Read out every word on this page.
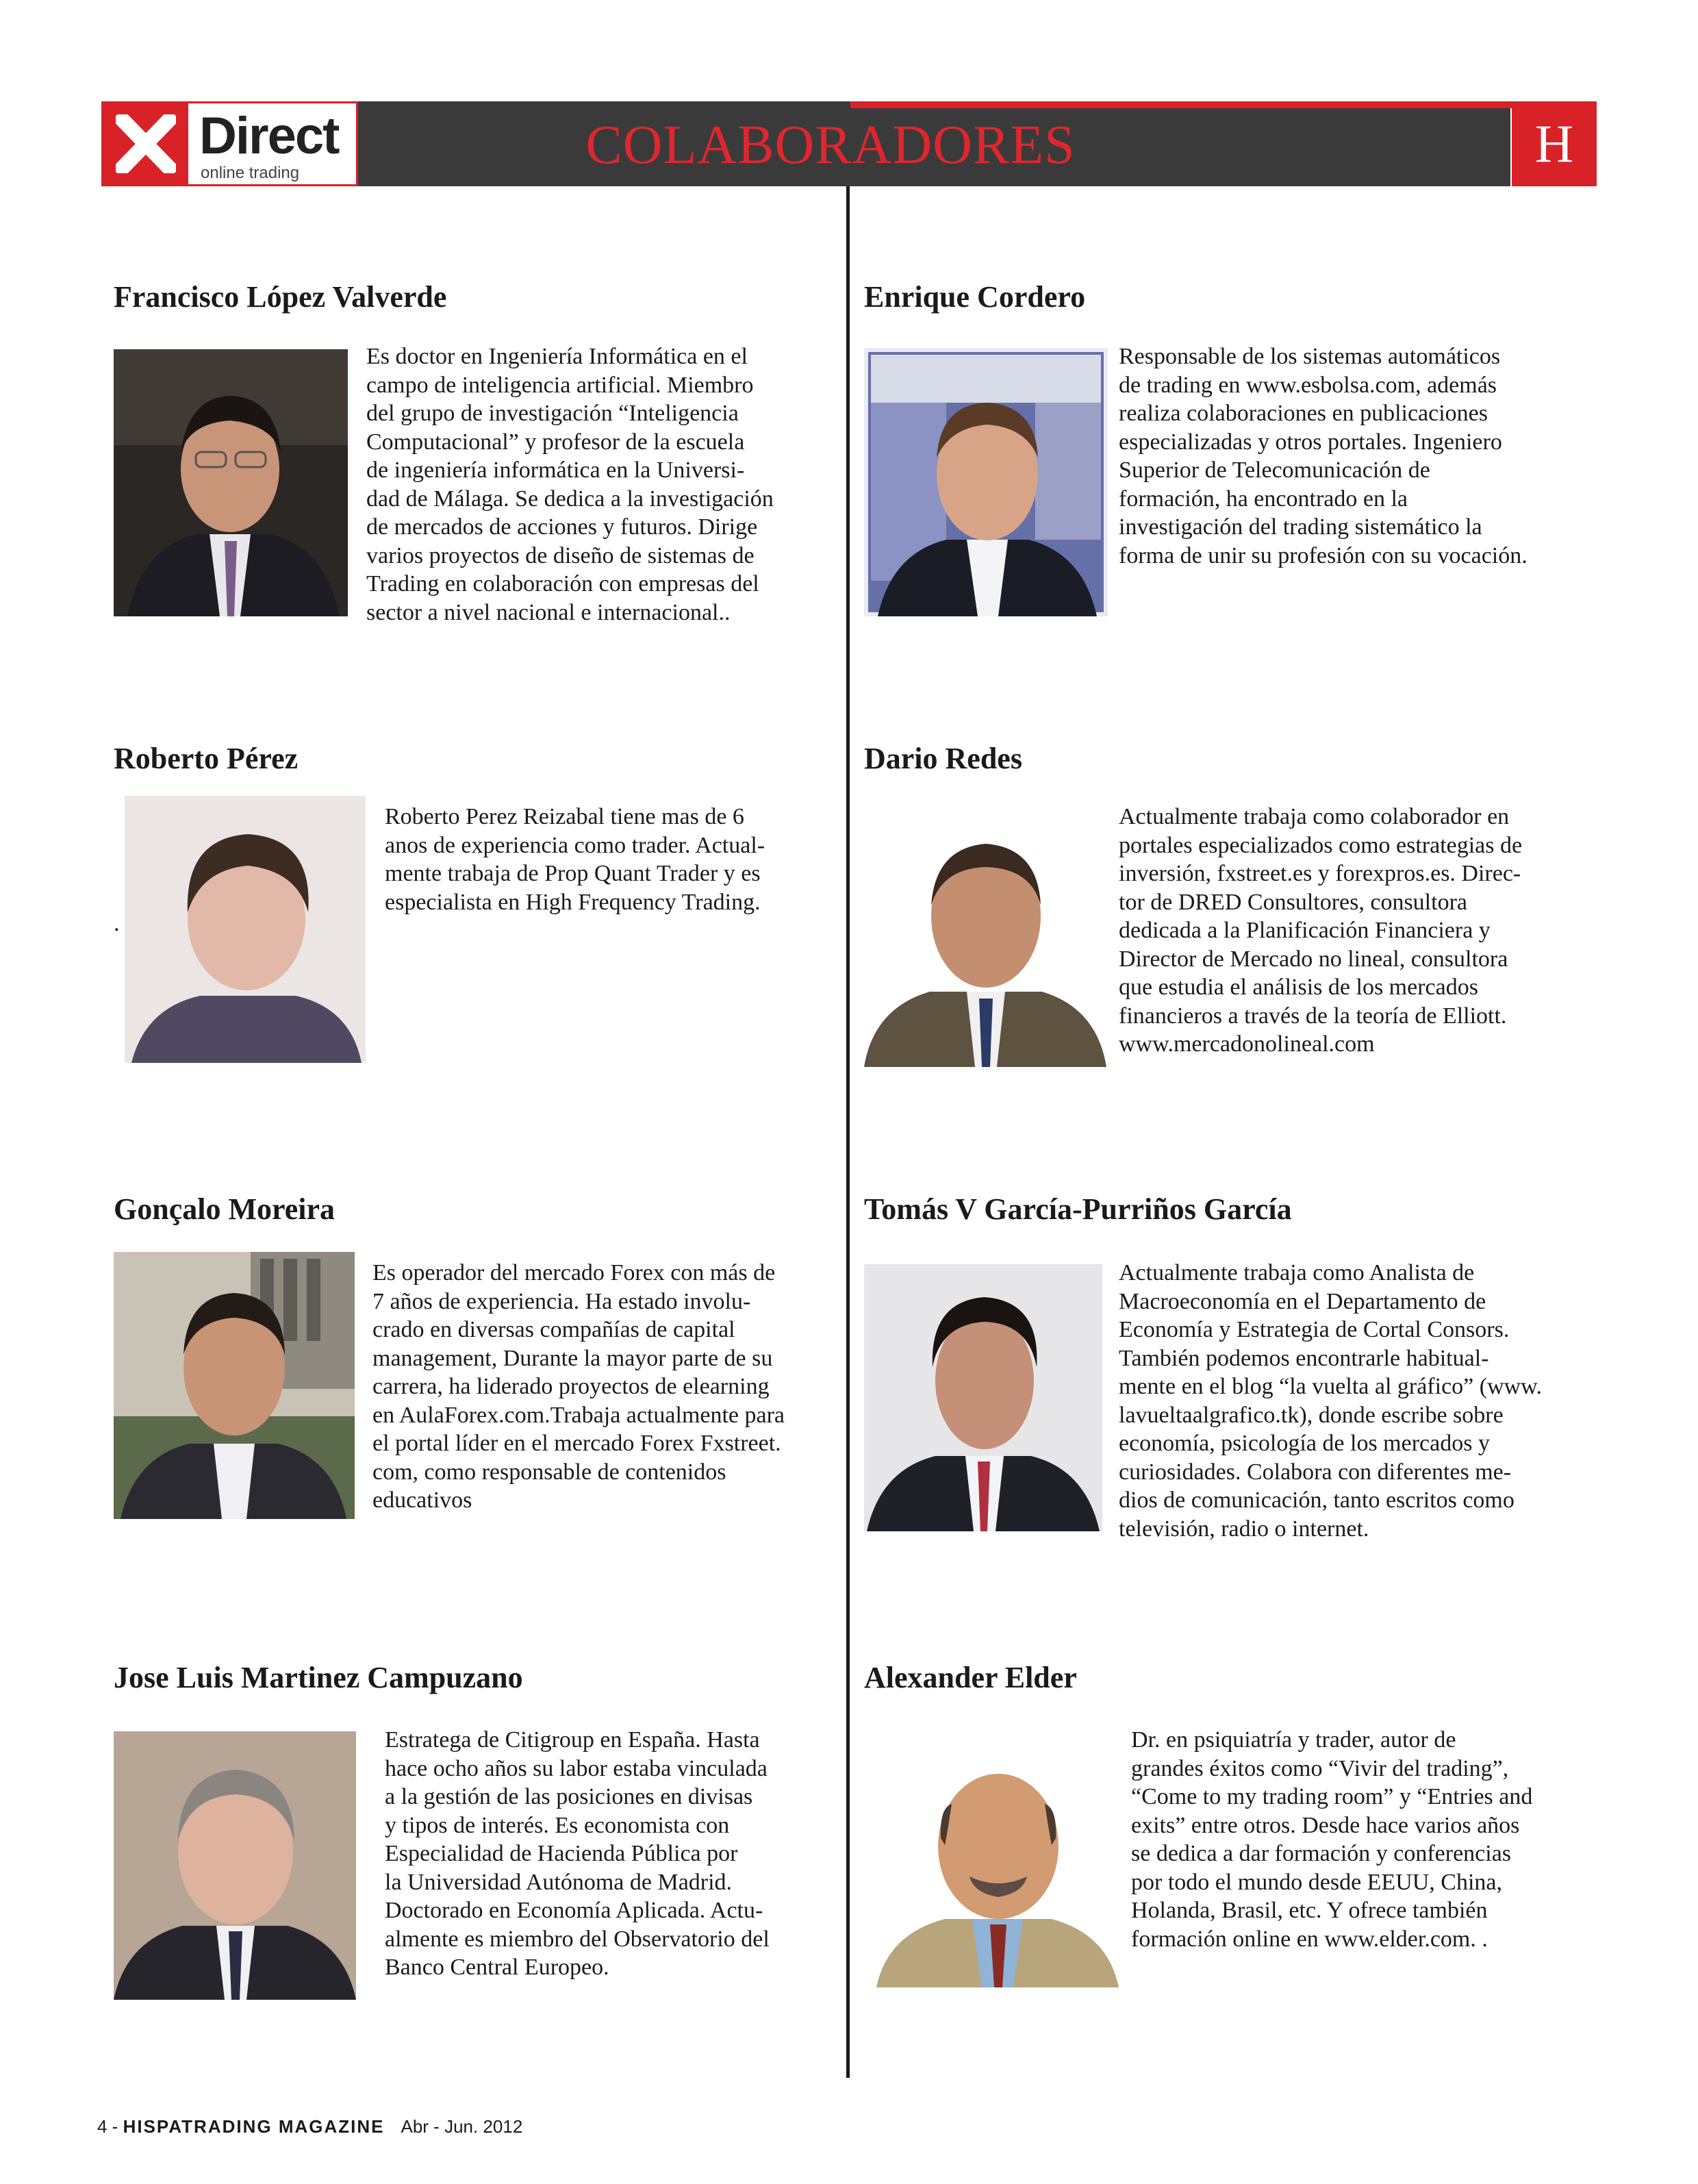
Direct
online trading	COLABORADORES	H
Francisco López Valverde
Es doctor en Ingeniería Informática en el
campo de inteligencia artificial. Miembro
del grupo de investigación “Inteligencia
Computacional” y profesor de la escuela
de ingeniería informática en la Universi-
dad de Málaga. Se dedica a la investigación
de mercados de acciones y futuros. Dirige
varios proyectos de diseño de sistemas de
Trading en colaboración con empresas del
sector a nivel nacional e internacional..
Enrique Cordero
Responsable de los sistemas automáticos
de trading en www.esbolsa.com, además
realiza colaboraciones en publicaciones
especializadas y otros portales. Ingeniero
Superior de Telecomunicación de
formación, ha encontrado en la
investigación del trading sistemático la
forma de unir su profesión con su vocación.
Roberto Pérez
Roberto Perez Reizabal tiene mas de 6
anos de experiencia como trader. Actual-
mente trabaja de Prop Quant Trader y es
especialista en High Frequency Trading.
.
Dario Redes
Actualmente trabaja como colaborador en
portales especializados como estrategias de
inversión, fxstreet.es y forexpros.es. Direc-
tor de DRED Consultores, consultora
dedicada a la Planificación Financiera y
Director de Mercado no lineal, consultora
que estudia el análisis de los mercados
financieros a través de la teoría de Elliott.
www.mercadonolineal.com
Gonçalo Moreira
Es operador del mercado Forex con más de
7 años de experiencia. Ha estado involu-
crado en diversas compañías de capital
management, Durante la mayor parte de su
carrera, ha liderado proyectos de elearning
en AulaForex.com.Trabaja actualmente para
el portal líder en el mercado Forex Fxstreet.
com, como responsable de contenidos
educativos
Tomás V García-Purriños García
Actualmente trabaja como Analista de
Macroeconomía en el Departamento de
Economía y Estrategia de Cortal Consors.
También podemos encontrarle habitual-
mente en el blog “la vuelta al gráfico” (www.
lavueltaalgrafico.tk), donde escribe sobre
economía, psicología de los mercados y
curiosidades. Colabora con diferentes me-
dios de comunicación, tanto escritos como
televisión, radio o internet.
Jose Luis Martinez Campuzano
Estratega de Citigroup en España. Hasta
hace ocho años su labor estaba vinculada
a la gestión de las posiciones en divisas
y tipos de interés. Es economista con
Especialidad de Hacienda Pública por
la Universidad Autónoma de Madrid.
Doctorado en Economía Aplicada. Actu-
almente es miembro del Observatorio del
Banco Central Europeo.
Alexander Elder
Dr. en psiquiatría y trader, autor de
grandes éxitos como “Vivir del trading”,
“Come to my trading room” y “Entries and
exits” entre otros. Desde hace varios años
se dedica a dar formación y conferencias
por todo el mundo desde EEUU, China,
Holanda, Brasil, etc. Y ofrece también
formación online en www.elder.com. .
4 - HISPATRADING MAGAZINE Abr - Jun. 2012
